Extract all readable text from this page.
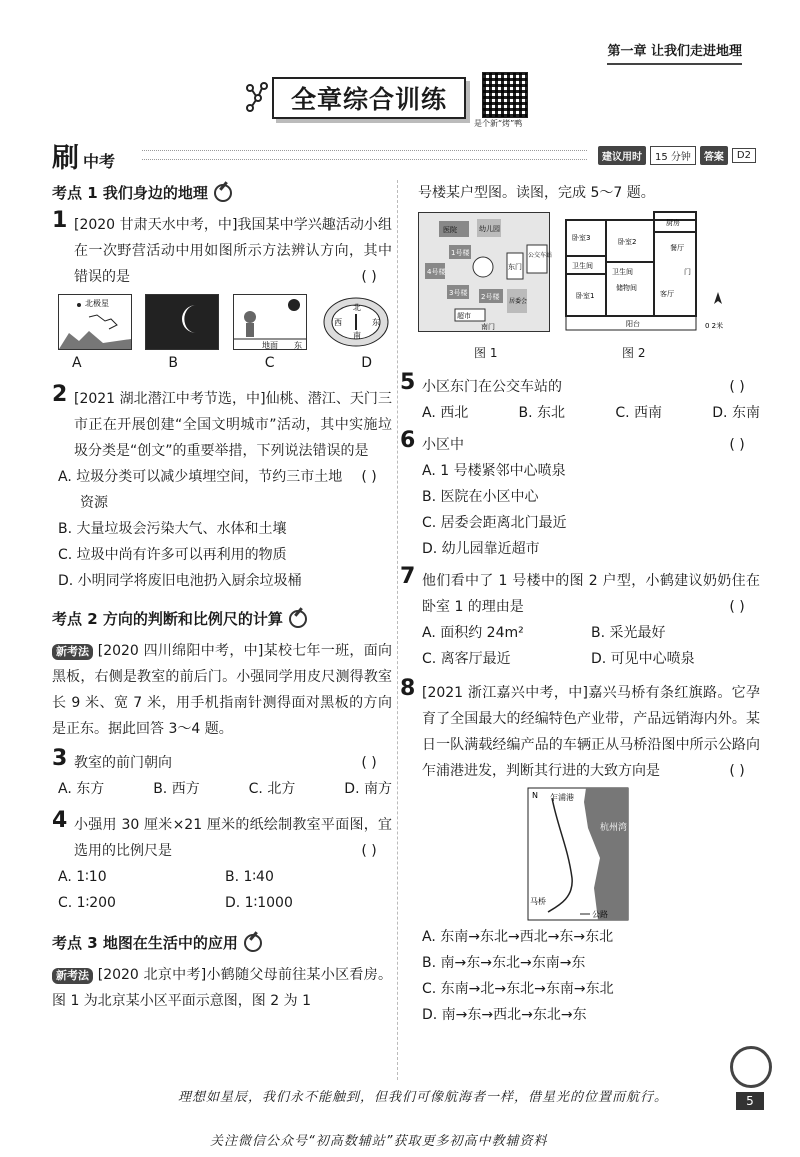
第一章 让我们走进地理
全章综合训练
是个新“烤”鸭
刷中考	建议用时	15 分钟	答案	D2
考点 1 我们身边的地理
1 [2020 甘肃天水中考，中]我国某中学兴趣活动小组在一次野营活动中用如图所示方法辨认方向，其中错误的是	( )
北极星
地面 东
北
西	东
南
A	B	C	D
2 [2021 湖北潜江中考节选，中]仙桃、潜江、天门三市正在开展创建“全国文明城市”活动，其中实施垃圾分类是“创文”的重要举措，下列说法错误的是
( )
A. 垃圾分类可以减少填埋空间，节约三市土地资源
B. 大量垃圾会污染大气、水体和土壤
C. 垃圾中尚有许多可以再利用的物质
D. 小明同学将废旧电池扔入厨余垃圾桶
考点 2 方向的判断和比例尺的计算
新考法 [2020 四川绵阳中考，中]某校七年一班，面向黑板，右侧是教室的前后门。小强同学用皮尺测得教室长 9 米、宽 7 米，用手机指南针测得面对黑板的方向是正东。据此回答 3～4 题。
3 教室的前门朝向	( )
A. 东方	B. 西方	C. 北方	D. 南方
4 小强用 30 厘米×21 厘米的纸绘制教室平面图，宜选用的比例尺是	( )
A. 1∶10	B. 1∶40
C. 1∶200	D. 1∶1000
考点 3 地图在生活中的应用
新考法 [2020 北京中考]小鹤随父母前往某小区看房。图 1 为北京某小区平面示意图，图 2 为 1
号楼某户型图。读图，完成 5～7 题。
医院	幼儿园
1号楼
4号楼
3号楼 2号楼
东门
居委会
超市
南门
公交车站
厨房
卧室3	卧室2
餐厅
卫生间
卫生间
储物间
门
卧室1	客厅
阳台	0 2米
图 1	图 2
5 小区东门在公交车站的	( )
A. 西北	B. 东北	C. 西南	D. 东南
6 小区中	( )
A. 1 号楼紧邻中心喷泉
B. 医院在小区中心
C. 居委会距离北门最近
D. 幼儿园靠近超市
7 他们看中了 1 号楼中的图 2 户型，小鹤建议奶奶住在卧室 1 的理由是	( )
A. 面积约 24m²	B. 采光最好
C. 离客厅最近	D. 可见中心喷泉
8 [2021 浙江嘉兴中考，中]嘉兴马桥有条红旗路。它孕育了全国最大的经编特色产业带，产品远销海内外。某日一队满载经编产品的车辆正从马桥沿图中所示公路向乍浦港进发，判断其行进的大致方向是	( )
N 乍浦港
杭州湾
马桥
公路
A. 东南→东北→西北→东→东北
B. 南→东→东北→东南→东
C. 东南→北→东北→东南→东北
D. 南→东→西北→东北→东
理想如星辰，我们永不能触到，但我们可像航海者一样，借星光的位置而航行。	5
关注微信公众号“初高数辅站”获取更多初高中教辅资料
